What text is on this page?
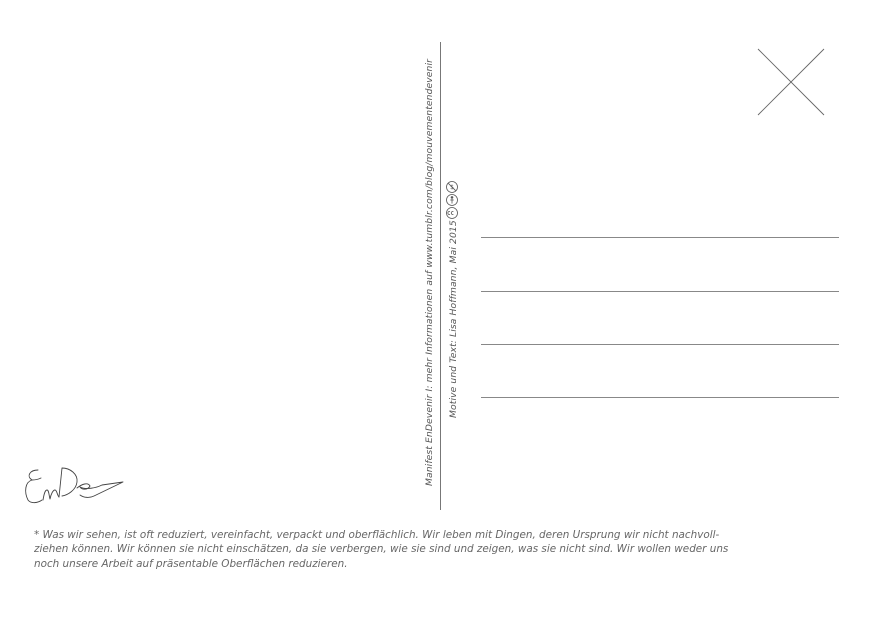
Manifest EnDevenir I: mehr Informationen auf www.tumblr.com/blog/mouvementendevenir Motive und Text: Lisa Hoffmann, Mai 2015
$

* Was wir sehen, ist oft reduziert, vereinfacht, verpackt und oberflächlich. Wir leben mit Dingen, deren Ursprung wir nicht nachvoll-

ziehen können. Wir können sie nicht einschätzen, da sie verbergen, wie sie sind und zeigen, was sie nicht sind. Wir wollen weder uns

noch unsere Arbeit auf präsentable Oberflächen reduzieren.
